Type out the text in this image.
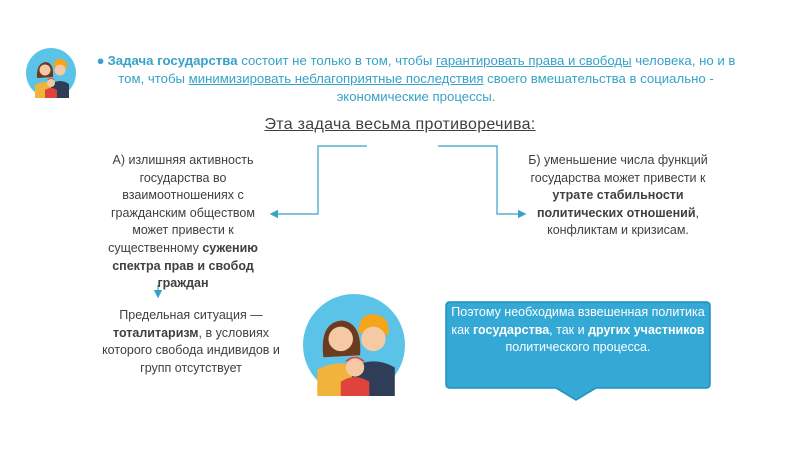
● Задача государства состоит не только в том, чтобы гарантировать права и свободы человека, но и в том, чтобы минимизировать неблагоприятные последствия своего вмешательства в социально - экономические процессы.
Эта задача весьма противоречива:
А) излишняя активность государства во взаимоотношениях с гражданским обществом может привести к существенному сужению спектра прав и свобод граждан
Б) уменьшение числа функций государства может привести к утрате стабильности политических отношений, конфликтам и кризисам.
Предельная ситуация — тоталитаризм, в условиях которого свобода индивидов и групп отсутствует
Поэтому необходима взвешенная политика как государства, так и других участников политического процесса.
